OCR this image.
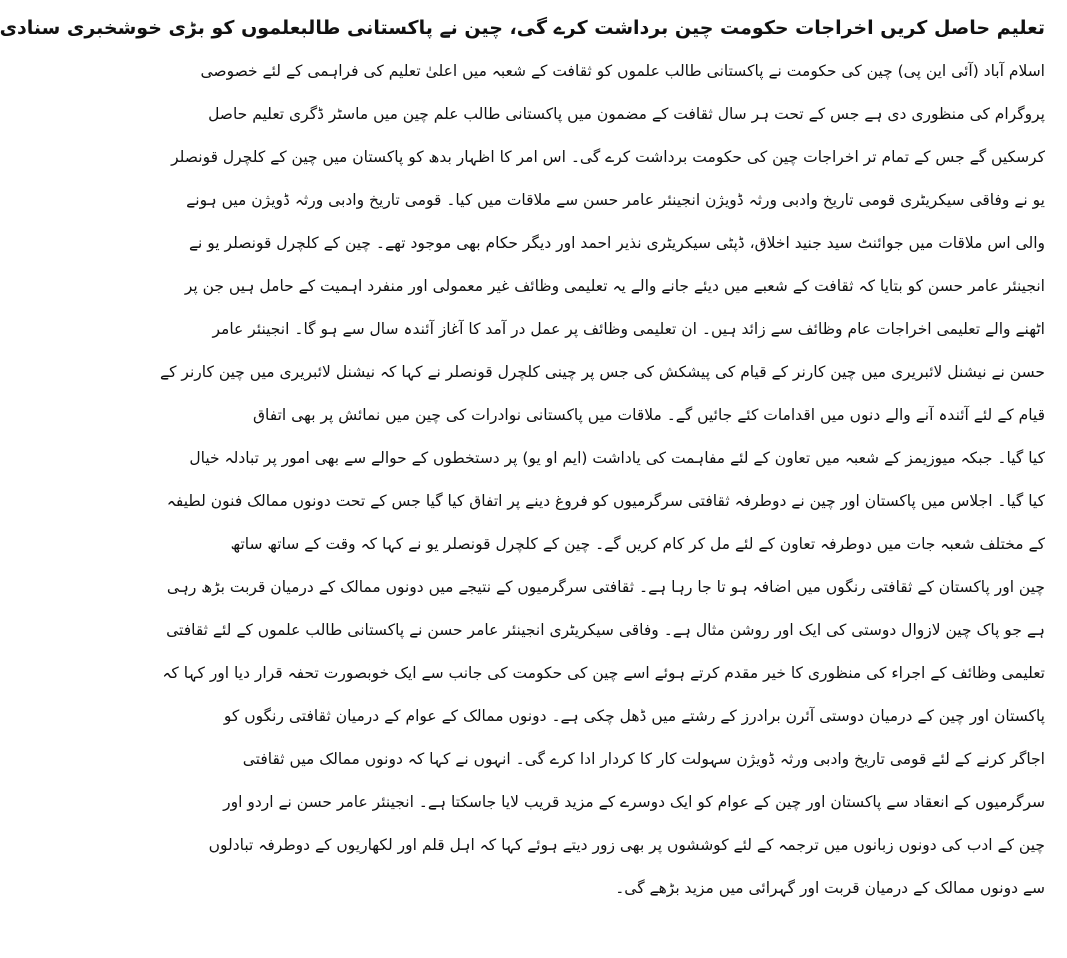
تعلیم حاصل کریں اخراجات حکومت چین برداشت کرے گی، چین نے پاکستانی طالبعلموں کو بڑی خوشخبری سنادی
اسلام آباد (آئی این پی) چین کی حکومت نے پاکستانی طالب علموں کو ثقافت کے شعبہ میں اعلیٰ تعلیم کی فراہمی کے لئے خصوصی
پروگرام کی منظوری دی ہے جس کے تحت ہر سال ثقافت کے مضمون میں پاکستانی طالب علم چین میں ماسٹر ڈگری تعلیم حاصل
کرسکیں گے جس کے تمام تر اخراجات چین کی حکومت برداشت کرے گی۔ اس امر کا اظہار بدھ کو پاکستان میں چین کے کلچرل قونصلر
یو نے وفاقی سیکریٹری قومی تاریخ وادبی ورثہ ڈویژن انجینئر عامر حسن سے ملاقات میں کیا۔ قومی تاریخ وادبی ورثہ ڈویژن میں ہونے
والی اس ملاقات میں جوائنٹ سید جنید اخلاق، ڈپٹی سیکریٹری نذیر احمد اور دیگر حکام بھی موجود تھے۔ چین کے کلچرل قونصلر یو نے
انجینئر عامر حسن کو بتایا کہ ثقافت کے شعبے میں دیئے جانے والے یہ تعلیمی وظائف غیر معمولی اور منفرد اہمیت کے حامل ہیں جن پر
اٹھنے والے تعلیمی اخراجات عام وظائف سے زائد ہیں۔ ان تعلیمی وظائف پر عمل در آمد کا آغاز آئندہ سال سے ہو گا۔ انجینئر عامر
حسن نے نیشنل لائبریری میں چین کارنر کے قیام کی پیشکش کی جس پر چینی کلچرل قونصلر نے کہا کہ نیشنل لائبریری میں چین کارنر کے
قیام کے لئے آئندہ آنے والے دنوں میں اقدامات کئے جائیں گے۔ ملاقات میں پاکستانی نوادرات کی چین میں نمائش پر بھی اتفاق
کیا گیا۔ جبکہ میوزیمز کے شعبہ میں تعاون کے لئے مفاہمت کی یاداشت (ایم او یو) پر دستخطوں کے حوالے سے بھی امور پر تبادلہ خیال
کیا گیا۔ اجلاس میں پاکستان اور چین نے دوطرفہ ثقافتی سرگرمیوں کو فروغ دینے پر اتفاق کیا گیا جس کے تحت دونوں ممالک فنون لطیفہ
کے مختلف شعبہ جات میں دوطرفہ تعاون کے لئے مل کر کام کریں گے۔ چین کے کلچرل قونصلر یو نے کہا کہ وقت کے ساتھ ساتھ
چین اور پاکستان کے ثقافتی رنگوں میں اضافہ ہو تا جا رہا ہے۔ ثقافتی سرگرمیوں کے نتیجے میں دونوں ممالک کے درمیان قربت بڑھ رہی
ہے جو پاک چین لازوال دوستی کی ایک اور روشن مثال ہے۔ وفاقی سیکریٹری انجینئر عامر حسن نے پاکستانی طالب علموں کے لئے ثقافتی
تعلیمی وظائف کے اجراء کی منظوری کا خیر مقدم کرتے ہوئے اسے چین کی حکومت کی جانب سے ایک خوبصورت تحفہ قرار دیا اور کہا کہ
پاکستان اور چین کے درمیان دوستی آئرن برادرز کے رشتے میں ڈھل چکی ہے۔ دونوں ممالک کے عوام کے درمیان ثقافتی رنگوں کو
اجاگر کرنے کے لئے قومی تاریخ وادبی ورثہ ڈویژن سہولت کار کا کردار ادا کرے گی۔ انہوں نے کہا کہ دونوں ممالک میں ثقافتی
سرگرمیوں کے انعقاد سے پاکستان اور چین کے عوام کو ایک دوسرے کے مزید قریب لایا جاسکتا ہے۔ انجینئر عامر حسن نے اردو اور
چین کے ادب کی دونوں زبانوں میں ترجمہ کے لئے کوششوں پر بھی زور دیتے ہوئے کہا کہ اہل قلم اور لکھاریوں کے دوطرفہ تبادلوں
سے دونوں ممالک کے درمیان قربت اور گہرائی میں مزید بڑھے گی۔
